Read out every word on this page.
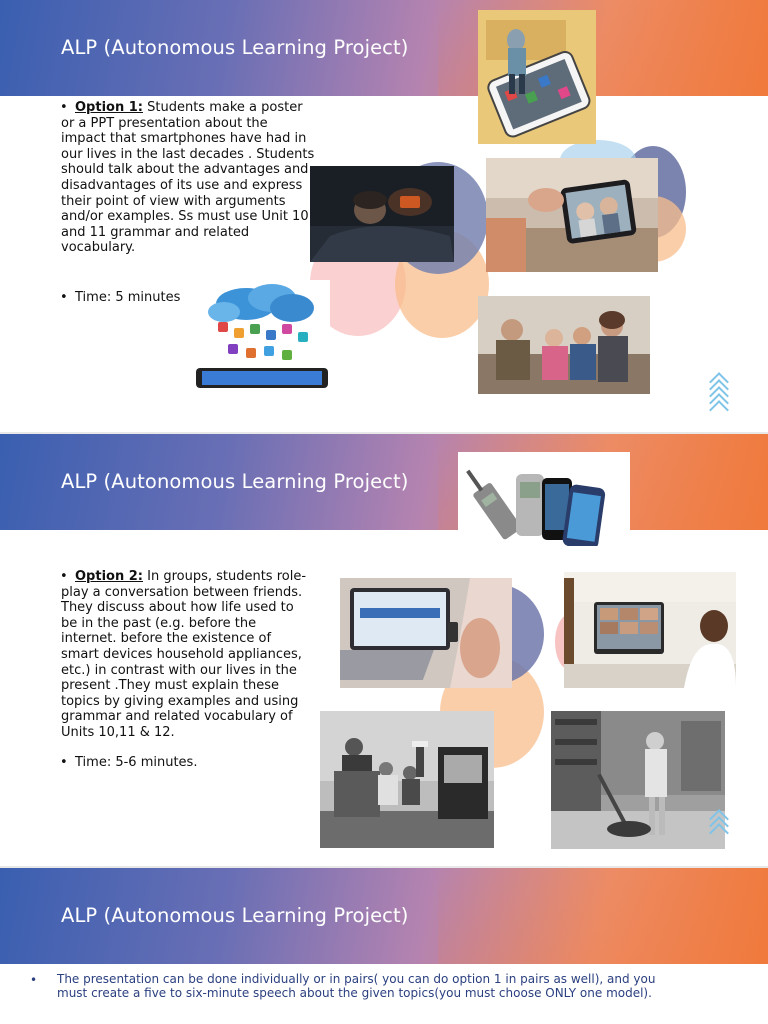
ALP (Autonomous Learning Project)
• Option 1: Students make a poster or a PPT presentation about the impact that smartphones have had in our lives in the last decades . Students should talk about the advantages and disadvantages of its use and express their point of view with arguments and/or examples. Ss must use Unit 10 and 11 grammar and related vocabulary.
• Time: 5 minutes
ALP (Autonomous Learning Project)
• Option 2: In groups, students role-play a conversation between friends. They discuss about how life used to be in the past (e.g. before the internet. before the existence of smart devices household appliances, etc.) in contrast with our lives in the present .They must explain these topics by giving examples and using grammar and related vocabulary of Units 10,11 & 12.
• Time: 5-6 minutes.
ALP (Autonomous Learning Project)
• The presentation can be done individually or in pairs( you can do option 1 in pairs as well), and you must create a five to six-minute speech about the given topics(you must choose ONLY one model).
